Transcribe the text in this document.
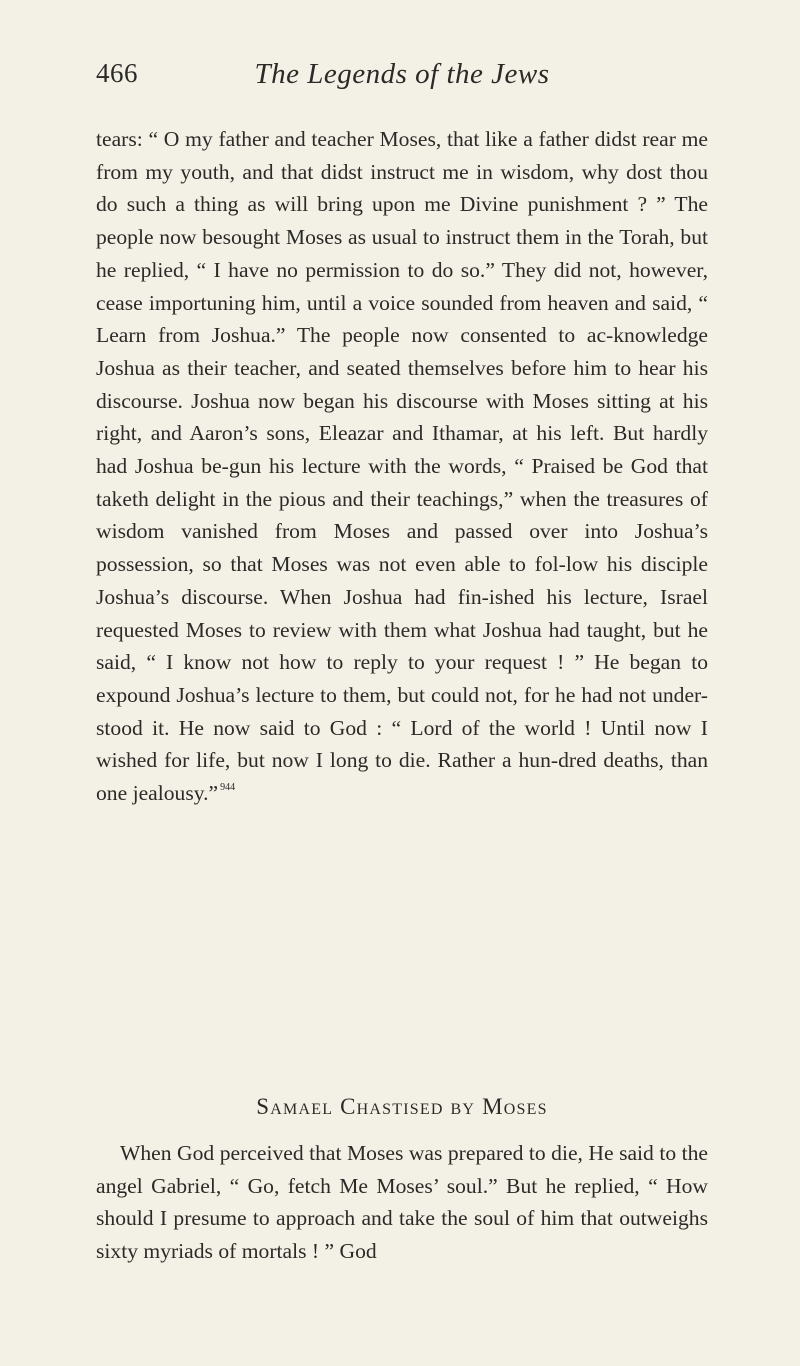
466	The Legends of the Jews

tears: “ O my father and teacher Moses, that like a father didst rear me from my youth, and that didst instruct me in wisdom, why dost thou do such a thing as will bring upon me Divine punishment ? ” The people now besought Moses as usual to instruct them in the Torah, but he replied, “ I have no permission to do so.” They did not, however, cease importuning him, until a voice sounded from heaven and said, “ Learn from Joshua.” The people now consented to ac-knowledge Joshua as their teacher, and seated themselves before him to hear his discourse. Joshua now began his discourse with Moses sitting at his right, and Aaron’s sons, Eleazar and Ithamar, at his left. But hardly had Joshua be-gun his lecture with the words, “ Praised be God that taketh delight in the pious and their teachings,” when the treasures of wisdom vanished from Moses and passed over into Joshua’s possession, so that Moses was not even able to fol-low his disciple Joshua’s discourse. When Joshua had fin-ished his lecture, Israel requested Moses to review with them what Joshua had taught, but he said, “ I know not how to reply to your request ! ” He began to expound Joshua’s lecture to them, but could not, for he had not under-stood it. He now said to God : “ Lord of the world ! Until now I wished for life, but now I long to die. Rather a hun-dred deaths, than one jealousy.” $^{944}$

Samael Chastised by Moses

When God perceived that Moses was prepared to die, He said to the angel Gabriel, “ Go, fetch Me Moses’ soul.” But he replied, “ How should I presume to approach and take the soul of him that outweighs sixty myriads of mortals ! ” God
